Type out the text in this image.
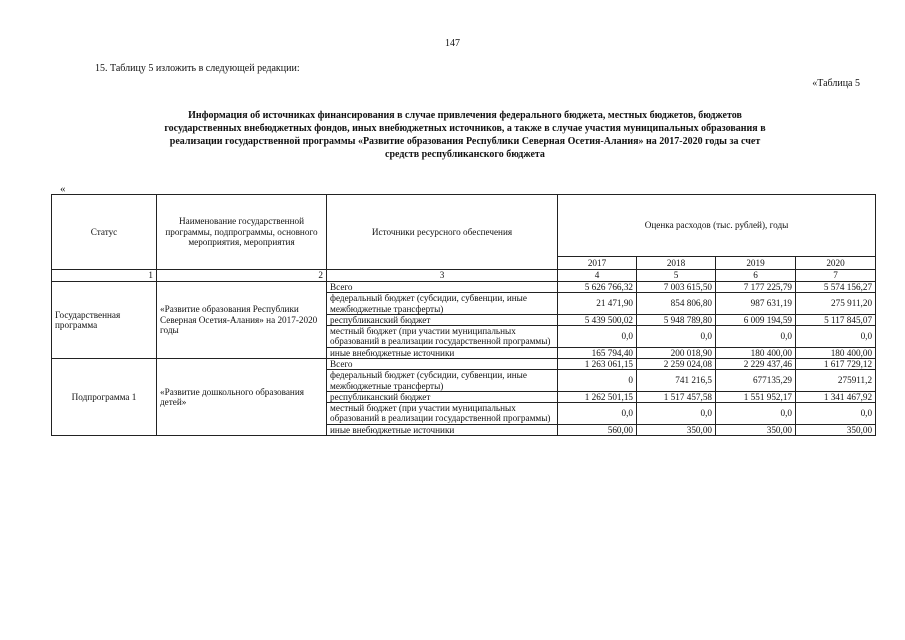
147
15. Таблицу 5 изложить в следующей редакции:
«Таблица 5
Информация об источниках финансирования в случае привлечения федерального бюджета, местных бюджетов, бюджетов
государственных внебюджетных фондов, иных внебюджетных источников, а также в случае участия муниципальных образования в
реализации государственной программы «Развитие образования Республики Северная Осетия-Алания» на 2017-2020 годы за счет
средств республиканского бюджета
«
Статус	Наименование государственной программы, подпрограммы, основного мероприятия, мероприятия	Источники ресурсного обеспечения	Оценка расходов (тыс. рублей), годы			
			2017	2018	2019	2020
1	2	3	4	5	6	7
Государственная программа	«Развитие образования Республики Северная Осетия-Алания» на 2017-2020 годы	Всего	5 626 766,32	7 003 615,50	7 177 225,79	5 574 156,27
		федеральный бюджет (субсидии, субвенции, иные межбюджетные трансферты)	21 471,90	854 806,80	987 631,19	275 911,20
		республиканский бюджет	5 439 500,02	5 948 789,80	6 009 194,59	5 117 845,07
		местный бюджет (при участии муниципальных образований в реализации государственной программы)	0,0	0,0	0,0	0,0
		иные внебюджетные источники	165 794,40	200 018,90	180 400,00	180 400,00
Подпрограмма 1	«Развитие дошкольного образования детей»	Всего	1 263 061,15	2 259 024,08	2 229 437,46	1 617 729,12
		федеральный бюджет (субсидии, субвенции, иные межбюджетные трансферты)	0	741 216,5	677135,29	275911,2
		республиканский бюджет	1 262 501,15	1 517 457,58	1 551 952,17	1 341 467,92
		местный бюджет (при участии муниципальных образований в реализации государственной программы)	0,0	0,0	0,0	0,0
		иные внебюджетные источники	560,00	350,00	350,00	350,00
